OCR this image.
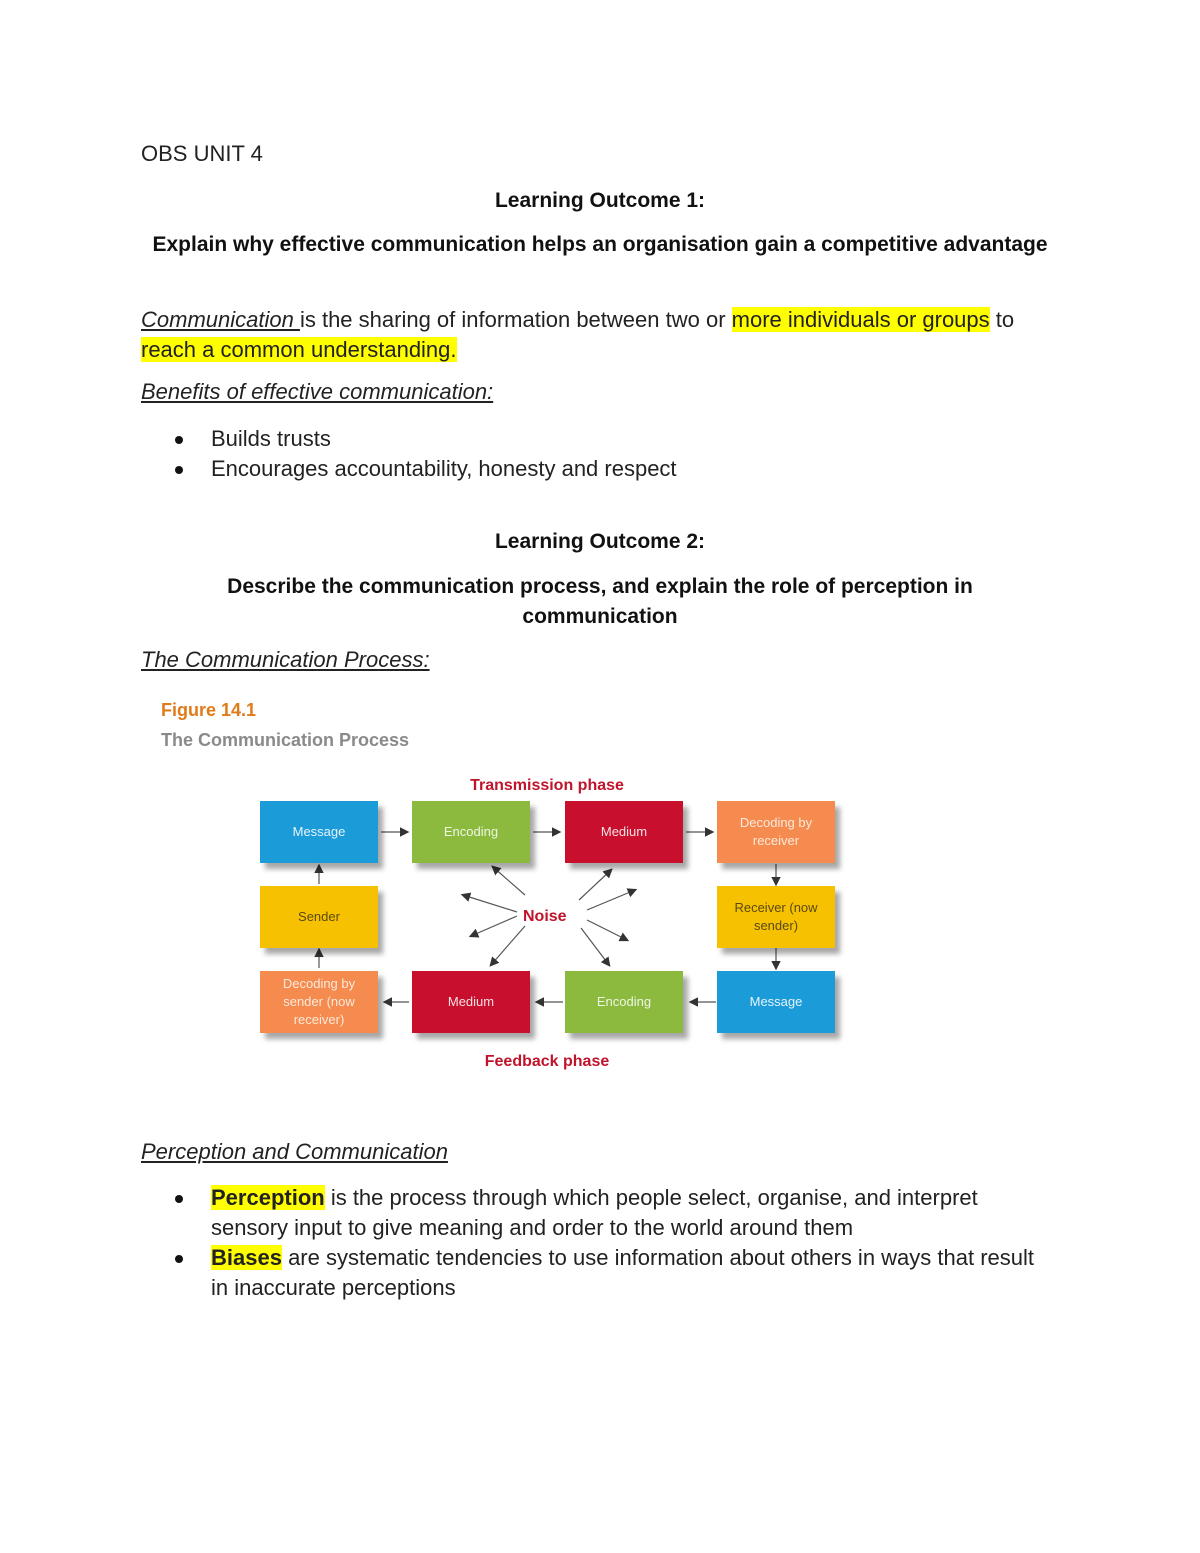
OBS UNIT 4
Learning Outcome 1:
Explain why effective communication helps an organisation gain a competitive advantage
Communication is the sharing of information between two or more individuals or groups to reach a common understanding.
Benefits of effective communication:
Builds trusts
Encourages accountability, honesty and respect
Learning Outcome 2:
Describe the communication process, and explain the role of perception in communication
The Communication Process:
Figure 14.1
The Communication Process
Transmission phase
Feedback phase
Noise
Message	Encoding	Medium
Decoding by receiver
Sender
Receiver (now sender)
Decoding by sender (now receiver)
Medium	Encoding	Message
Perception and Communication
Perception is the process through which people select, organise, and interpret sensory input to give meaning and order to the world around them
Biases are systematic tendencies to use information about others in ways that result in inaccurate perceptions
